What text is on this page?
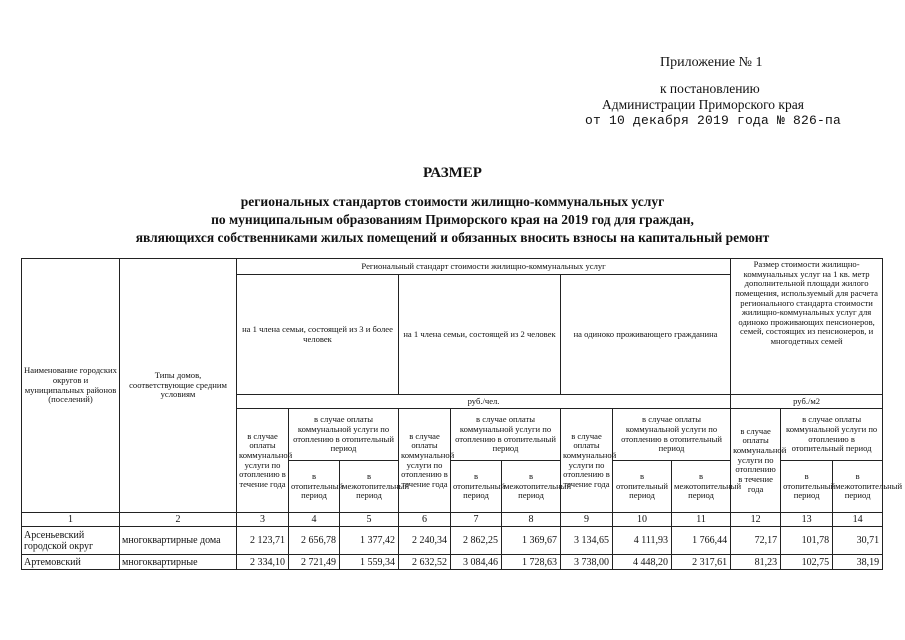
Приложение № 1
к постановлению
Администрации Приморского края
от 10 декабря 2019 года № 826-па
РАЗМЕР
региональных стандартов стоимости жилищно-коммунальных услуг
по муниципальным образованиям Приморского края на 2019 год для граждан,
являющихся собственниками жилых помещений и обязанных вносить взносы на капитальный ремонт
Наименование городских округов и муниципальных районов (поселений)	Типы домов, соответствующие средним условиям	Региональный стандарт стоимости жилищно-коммунальных услуг									Размер стоимости жилищно-коммунальных услуг на 1 кв. метр дополнительной площади жилого помещения, используемый для расчета регионального стандарта стоимости жилищно-коммунальных услуг для одиноко проживающих пенсионеров, семей, состоящих из пенсионеров, и многодетных семей		
		на 1 члена семьи, состоящей из 3 и более человек			на 1 члена семьи, состоящей из 2 человек			на одиноко проживающего гражданина					
		руб./чел.									руб./м2		
		в случае оплаты коммунальной услуги по отоплению в течение года	в случае оплаты коммунальной услуги по отоплению в отопительный период		в случае оплаты коммунальной услуги по отоплению в течение года	в случае оплаты коммунальной услуги по отоплению в отопительный период		в случае оплаты коммунальной услуги по отоплению в течение года	в случае оплаты коммунальной услуги по отоплению в отопительный период		в случае оплаты коммунальной услуги по отоплению в течение года	в случае оплаты коммунальной услуги по отоплению в отопительный период	
			в отопительный период	в межотопительный период		в отопительный период	в межотопительный период		в отопительный период	в межотопительный период		в отопительный период	в межотопительный период
1	2	3	4	5	6	7	8	9	10	11	12	13	14
Арсеньевский городской округ	многоквартирные дома	2 123,71	2 656,78	1 377,42	2 240,34	2 862,25	1 369,67	3 134,65	4 111,93	1 766,44	72,17	101,78	30,71
Артемовский	многоквартирные	2 334,10	2 721,49	1 559,34	2 632,52	3 084,46	1 728,63	3 738,00	4 448,20	2 317,61	81,23	102,75	38,19
